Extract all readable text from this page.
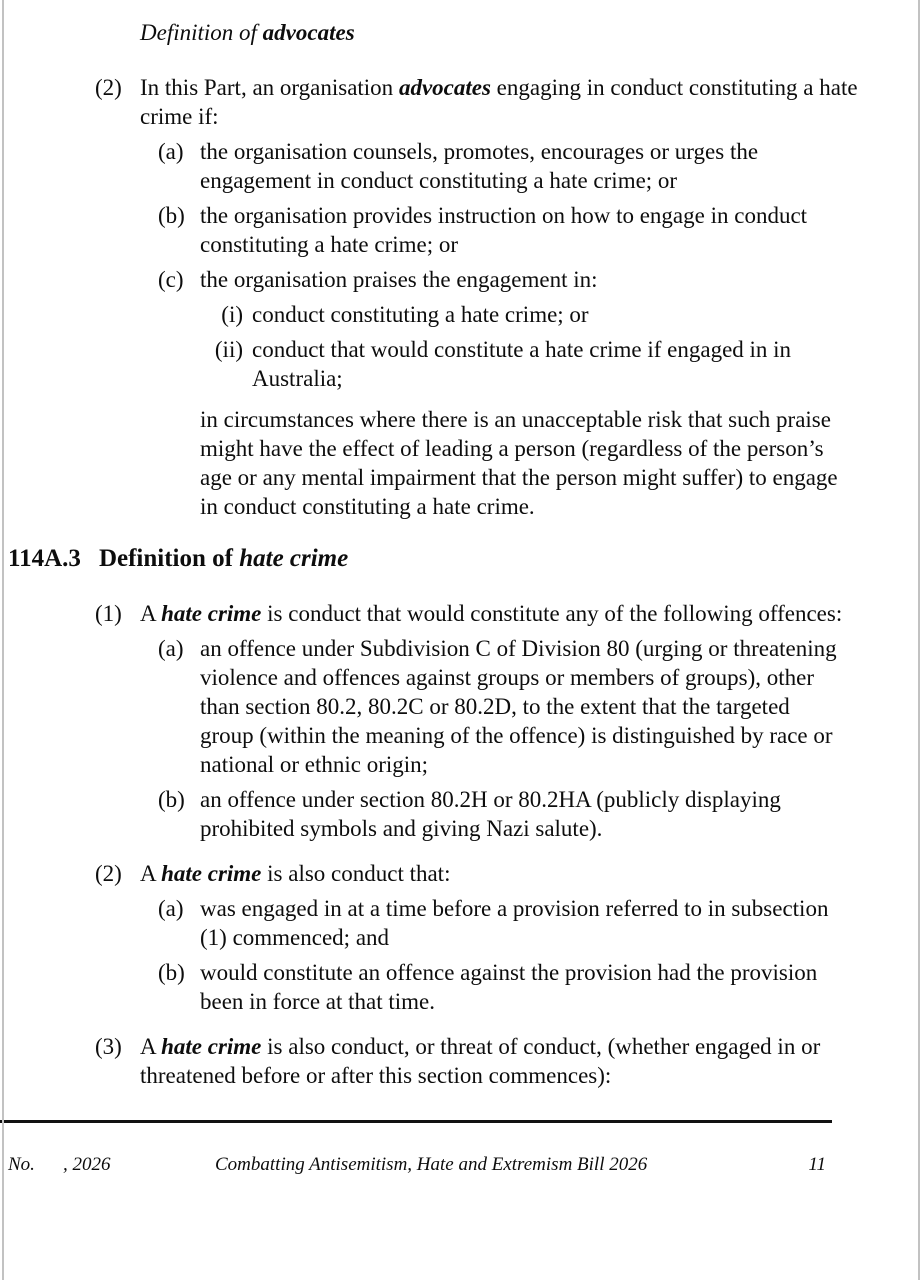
Definition of advocates
(2) In this Part, an organisation advocates engaging in conduct constituting a hate crime if:
(a) the organisation counsels, promotes, encourages or urges the engagement in conduct constituting a hate crime; or
(b) the organisation provides instruction on how to engage in conduct constituting a hate crime; or
(c) the organisation praises the engagement in:
(i) conduct constituting a hate crime; or
(ii) conduct that would constitute a hate crime if engaged in in Australia;
in circumstances where there is an unacceptable risk that such praise might have the effect of leading a person (regardless of the person’s age or any mental impairment that the person might suffer) to engage in conduct constituting a hate crime.
114A.3 Definition of hate crime
(1) A hate crime is conduct that would constitute any of the following offences:
(a) an offence under Subdivision C of Division 80 (urging or threatening violence and offences against groups or members of groups), other than section 80.2, 80.2C or 80.2D, to the extent that the targeted group (within the meaning of the offence) is distinguished by race or national or ethnic origin;
(b) an offence under section 80.2H or 80.2HA (publicly displaying prohibited symbols and giving Nazi salute).
(2) A hate crime is also conduct that:
(a) was engaged in at a time before a provision referred to in subsection (1) commenced; and
(b) would constitute an offence against the provision had the provision been in force at that time.
(3) A hate crime is also conduct, or threat of conduct, (whether engaged in or threatened before or after this section commences):
No. , 2026	Combatting Antisemitism, Hate and Extremism Bill 2026	11
